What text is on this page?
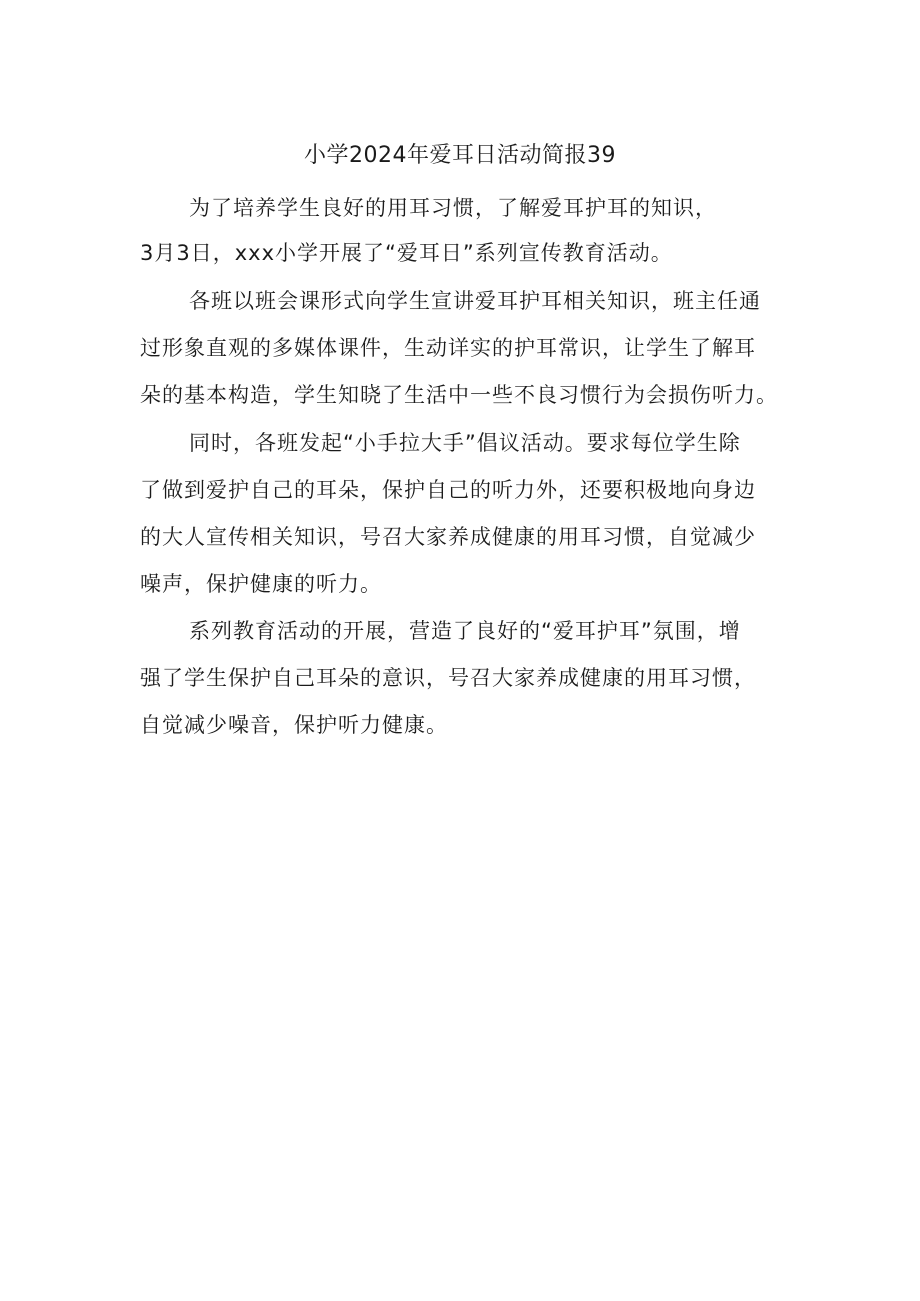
小学2024年爱耳日活动简报39
为了培养学生良好的用耳习惯，了解爱耳护耳的知识，
3月3日，xxx小学开展了“爱耳日”系列宣传教育活动。
各班以班会课形式向学生宣讲爱耳护耳相关知识，班主任通
过形象直观的多媒体课件，生动详实的护耳常识，让学生了解耳
朵的基本构造，学生知晓了生活中一些不良习惯行为会损伤听力。
同时，各班发起“小手拉大手”倡议活动。要求每位学生除
了做到爱护自己的耳朵，保护自己的听力外，还要积极地向身边
的大人宣传相关知识，号召大家养成健康的用耳习惯，自觉减少
噪声，保护健康的听力。
系列教育活动的开展，营造了良好的“爱耳护耳”氛围，增
强了学生保护自己耳朵的意识，号召大家养成健康的用耳习惯，
自觉减少噪音，保护听力健康。
